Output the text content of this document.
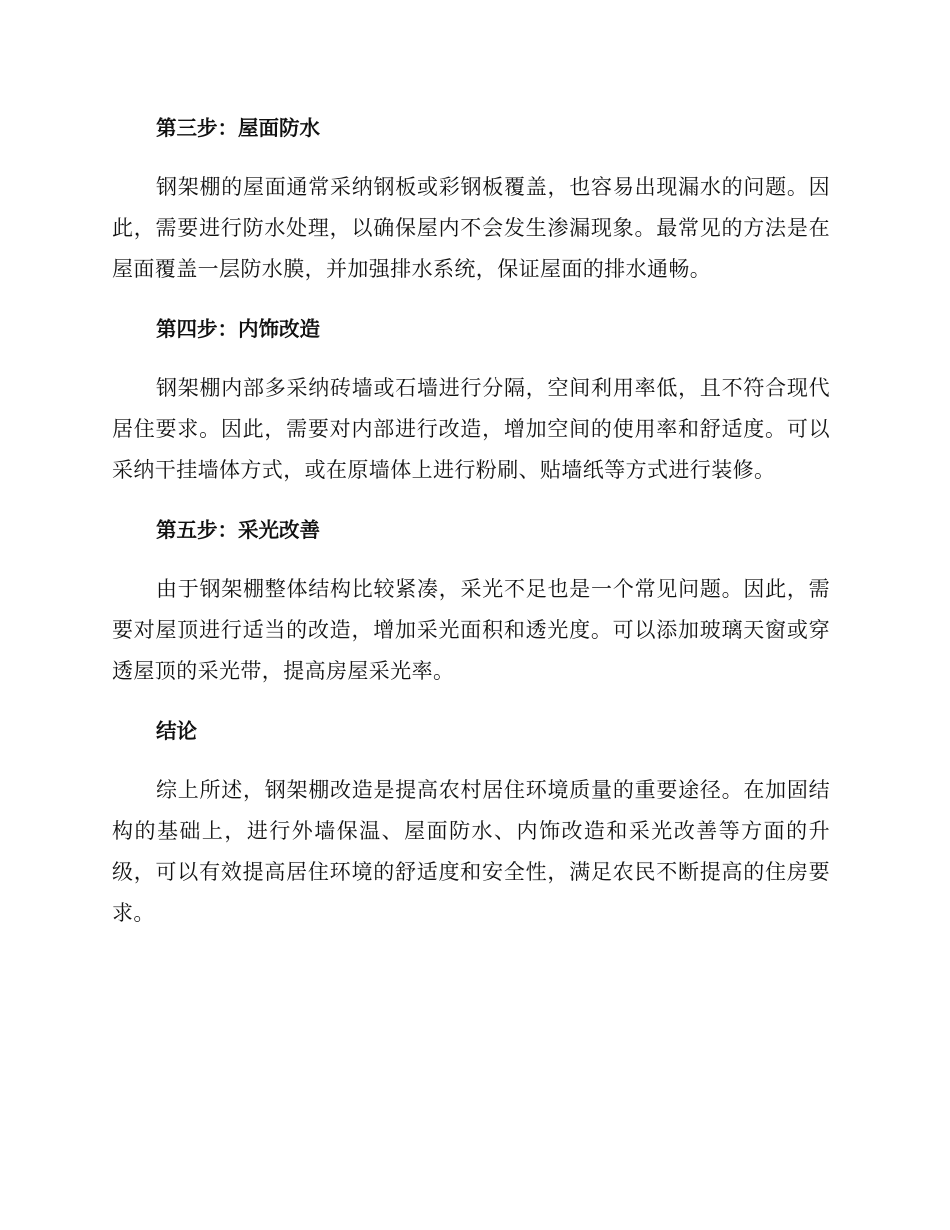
第三步：屋面防水

钢架棚的屋面通常采纳钢板或彩钢板覆盖，也容易出现漏水的问题。因此，需要进行防水处理，以确保屋内不会发生渗漏现象。最常见的方法是在屋面覆盖一层防水膜，并加强排水系统，保证屋面的排水通畅。

第四步：内饰改造

钢架棚内部多采纳砖墙或石墙进行分隔，空间利用率低，且不符合现代居住要求。因此，需要对内部进行改造，增加空间的使用率和舒适度。可以采纳干挂墙体方式，或在原墙体上进行粉刷、贴墙纸等方式进行装修。

第五步：采光改善

由于钢架棚整体结构比较紧凑，采光不足也是一个常见问题。因此，需要对屋顶进行适当的改造，增加采光面积和透光度。可以添加玻璃天窗或穿透屋顶的采光带，提高房屋采光率。

结论

综上所述，钢架棚改造是提高农村居住环境质量的重要途径。在加固结构的基础上，进行外墙保温、屋面防水、内饰改造和采光改善等方面的升级，可以有效提高居住环境的舒适度和安全性，满足农民不断提高的住房要求。
